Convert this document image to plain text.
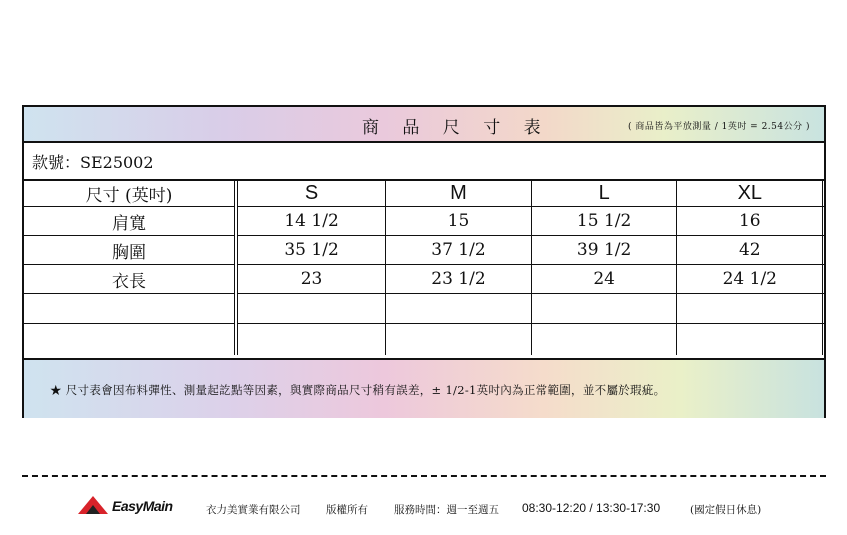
商 品 尺 寸 表	( 商品皆為平放測量 / 1英吋 = 2.54公分 )
款號：SE25002
尺寸 (英吋)	S	M	L	XL	
肩寬	14 1/2	15	15 1/2	16	
胸圍	35 1/2	37 1/2	39 1/2	42	
衣長	23	23 1/2	24	24 1/2	

★ 尺寸表會因布料彈性、測量起訖點等因素，與實際商品尺寸稍有誤差，± 1/2-1英吋內為正常範圍，並不屬於瑕疵。
EasyMain	衣力美實業有限公司 版權所有 服務時間：週一至週五 08:30-12:20 / 13:30-17:30	(國定假日休息)
